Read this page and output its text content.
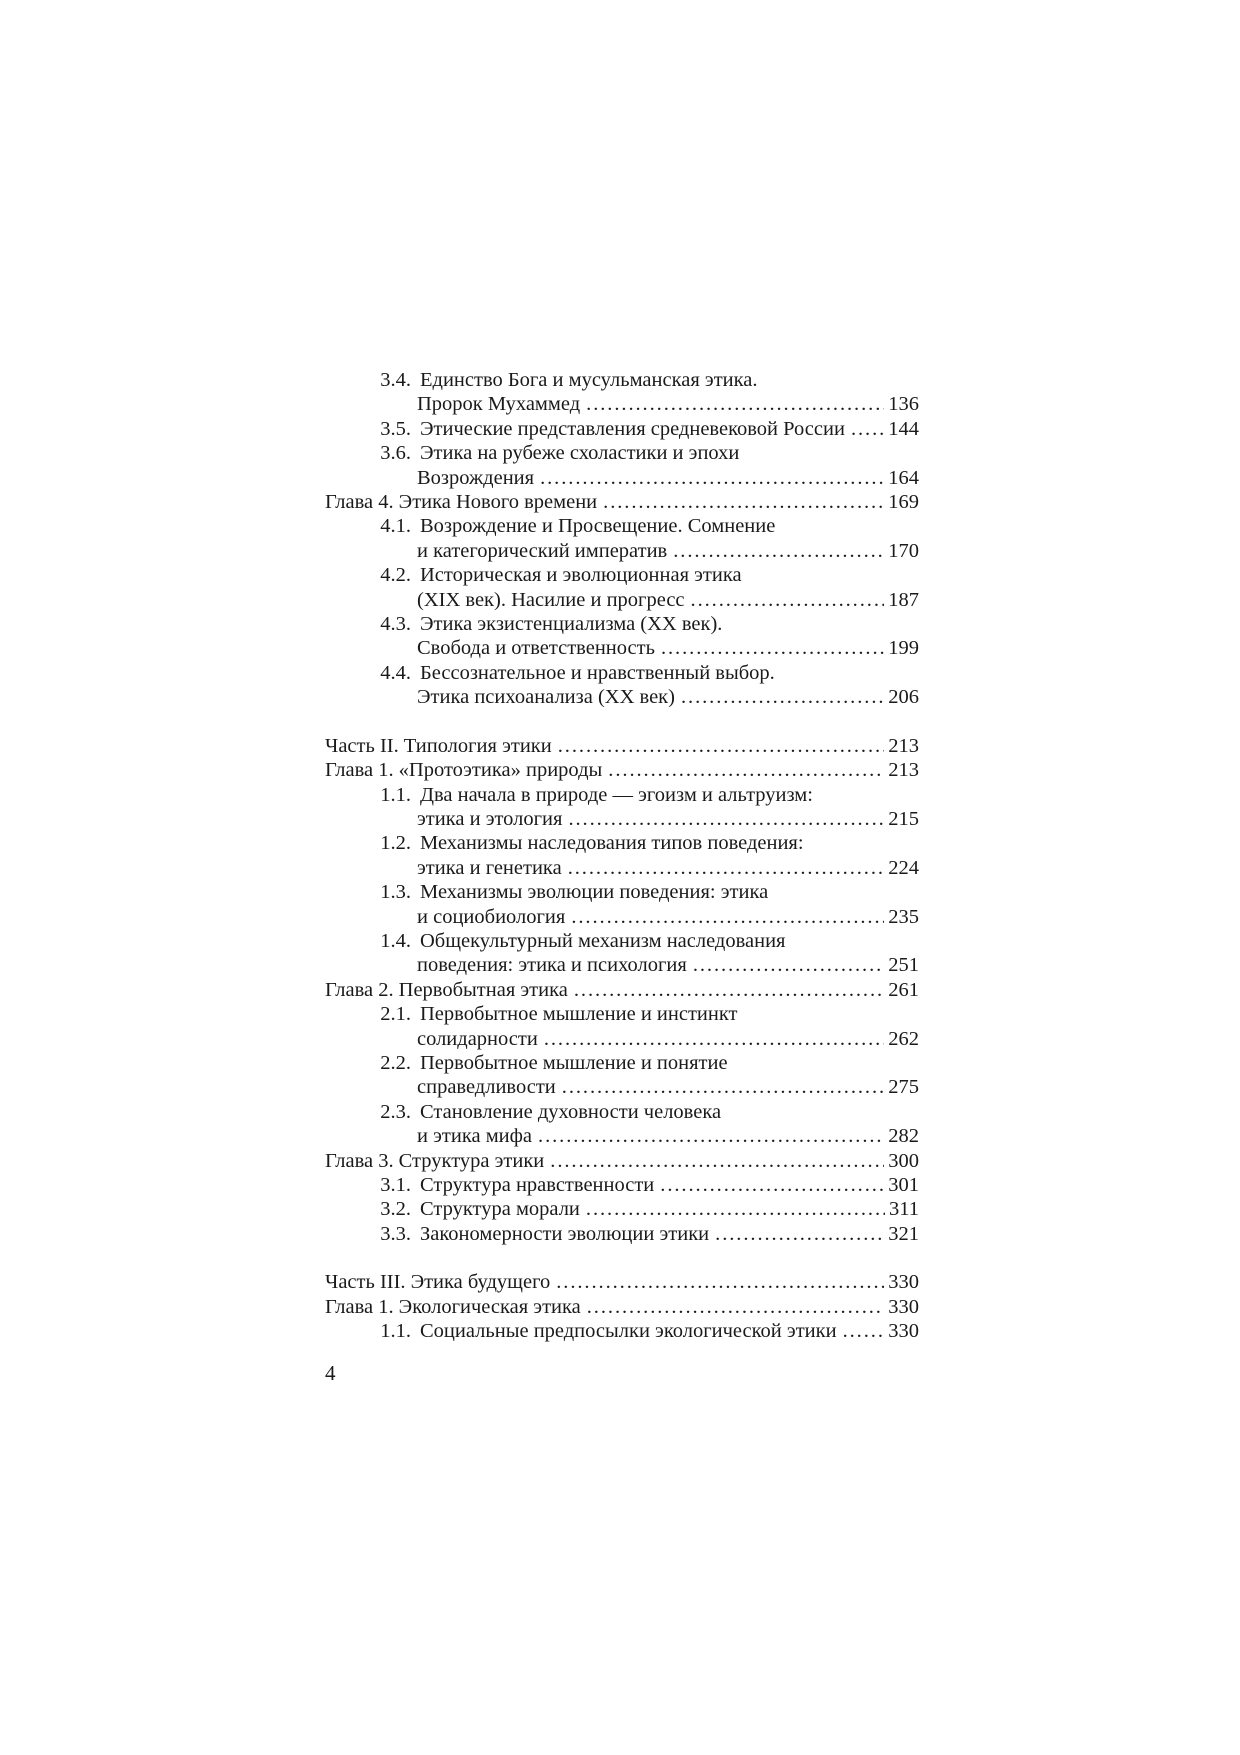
3.4. Единство Бога и мусульманская этика.
Пророк Мухаммед . . .	136
3.5. Этические представления средневековой России . . . 144
3.6. Этика на рубеже схоластики и эпохи
Возрождения . . .	164
Глава 4. Этика Нового времени . . .	169
4.1. Возрождение и Просвещение. Сомнение
и категорический императив . . .	170
4.2. Историческая и эволюционная этика
(XIX век). Насилие и прогресс . . .	187
4.3. Этика экзистенциализма (XX век).
Свобода и ответственность . . .	199
4.4. Бессознательное и нравственный выбор.
Этика психоанализа (XX век) . . .	206
Часть II. Типология этики . . .	213
Глава 1. «Протоэтика» природы . . .	213
1.1. Два начала в природе — эгоизм и альтруизм:
этика и этология . . .	215
1.2. Механизмы наследования типов поведения:
этика и генетика . . .	224
1.3. Механизмы эволюции поведения: этика
и социобиология . . .	235
1.4. Общекультурный механизм наследования
поведения: этика и психология . . .	251
Глава 2. Первобытная этика . . .	261
2.1. Первобытное мышление и инстинкт
солидарности . . .	262
2.2. Первобытное мышление и понятие
справедливости . . .	275
2.3. Становление духовности человека
и этика мифа . . .	282
Глава 3. Структура этики . . .	300
3.1. Структура нравственности . . .	301
3.2. Структура морали . . .	311
3.3. Закономерности эволюции этики . . .	321
Часть III. Этика будущего . . .	330
Глава 1. Экологическая этика . . .	330
1.1. Социальные предпосылки экологической этики . . .	330
4
